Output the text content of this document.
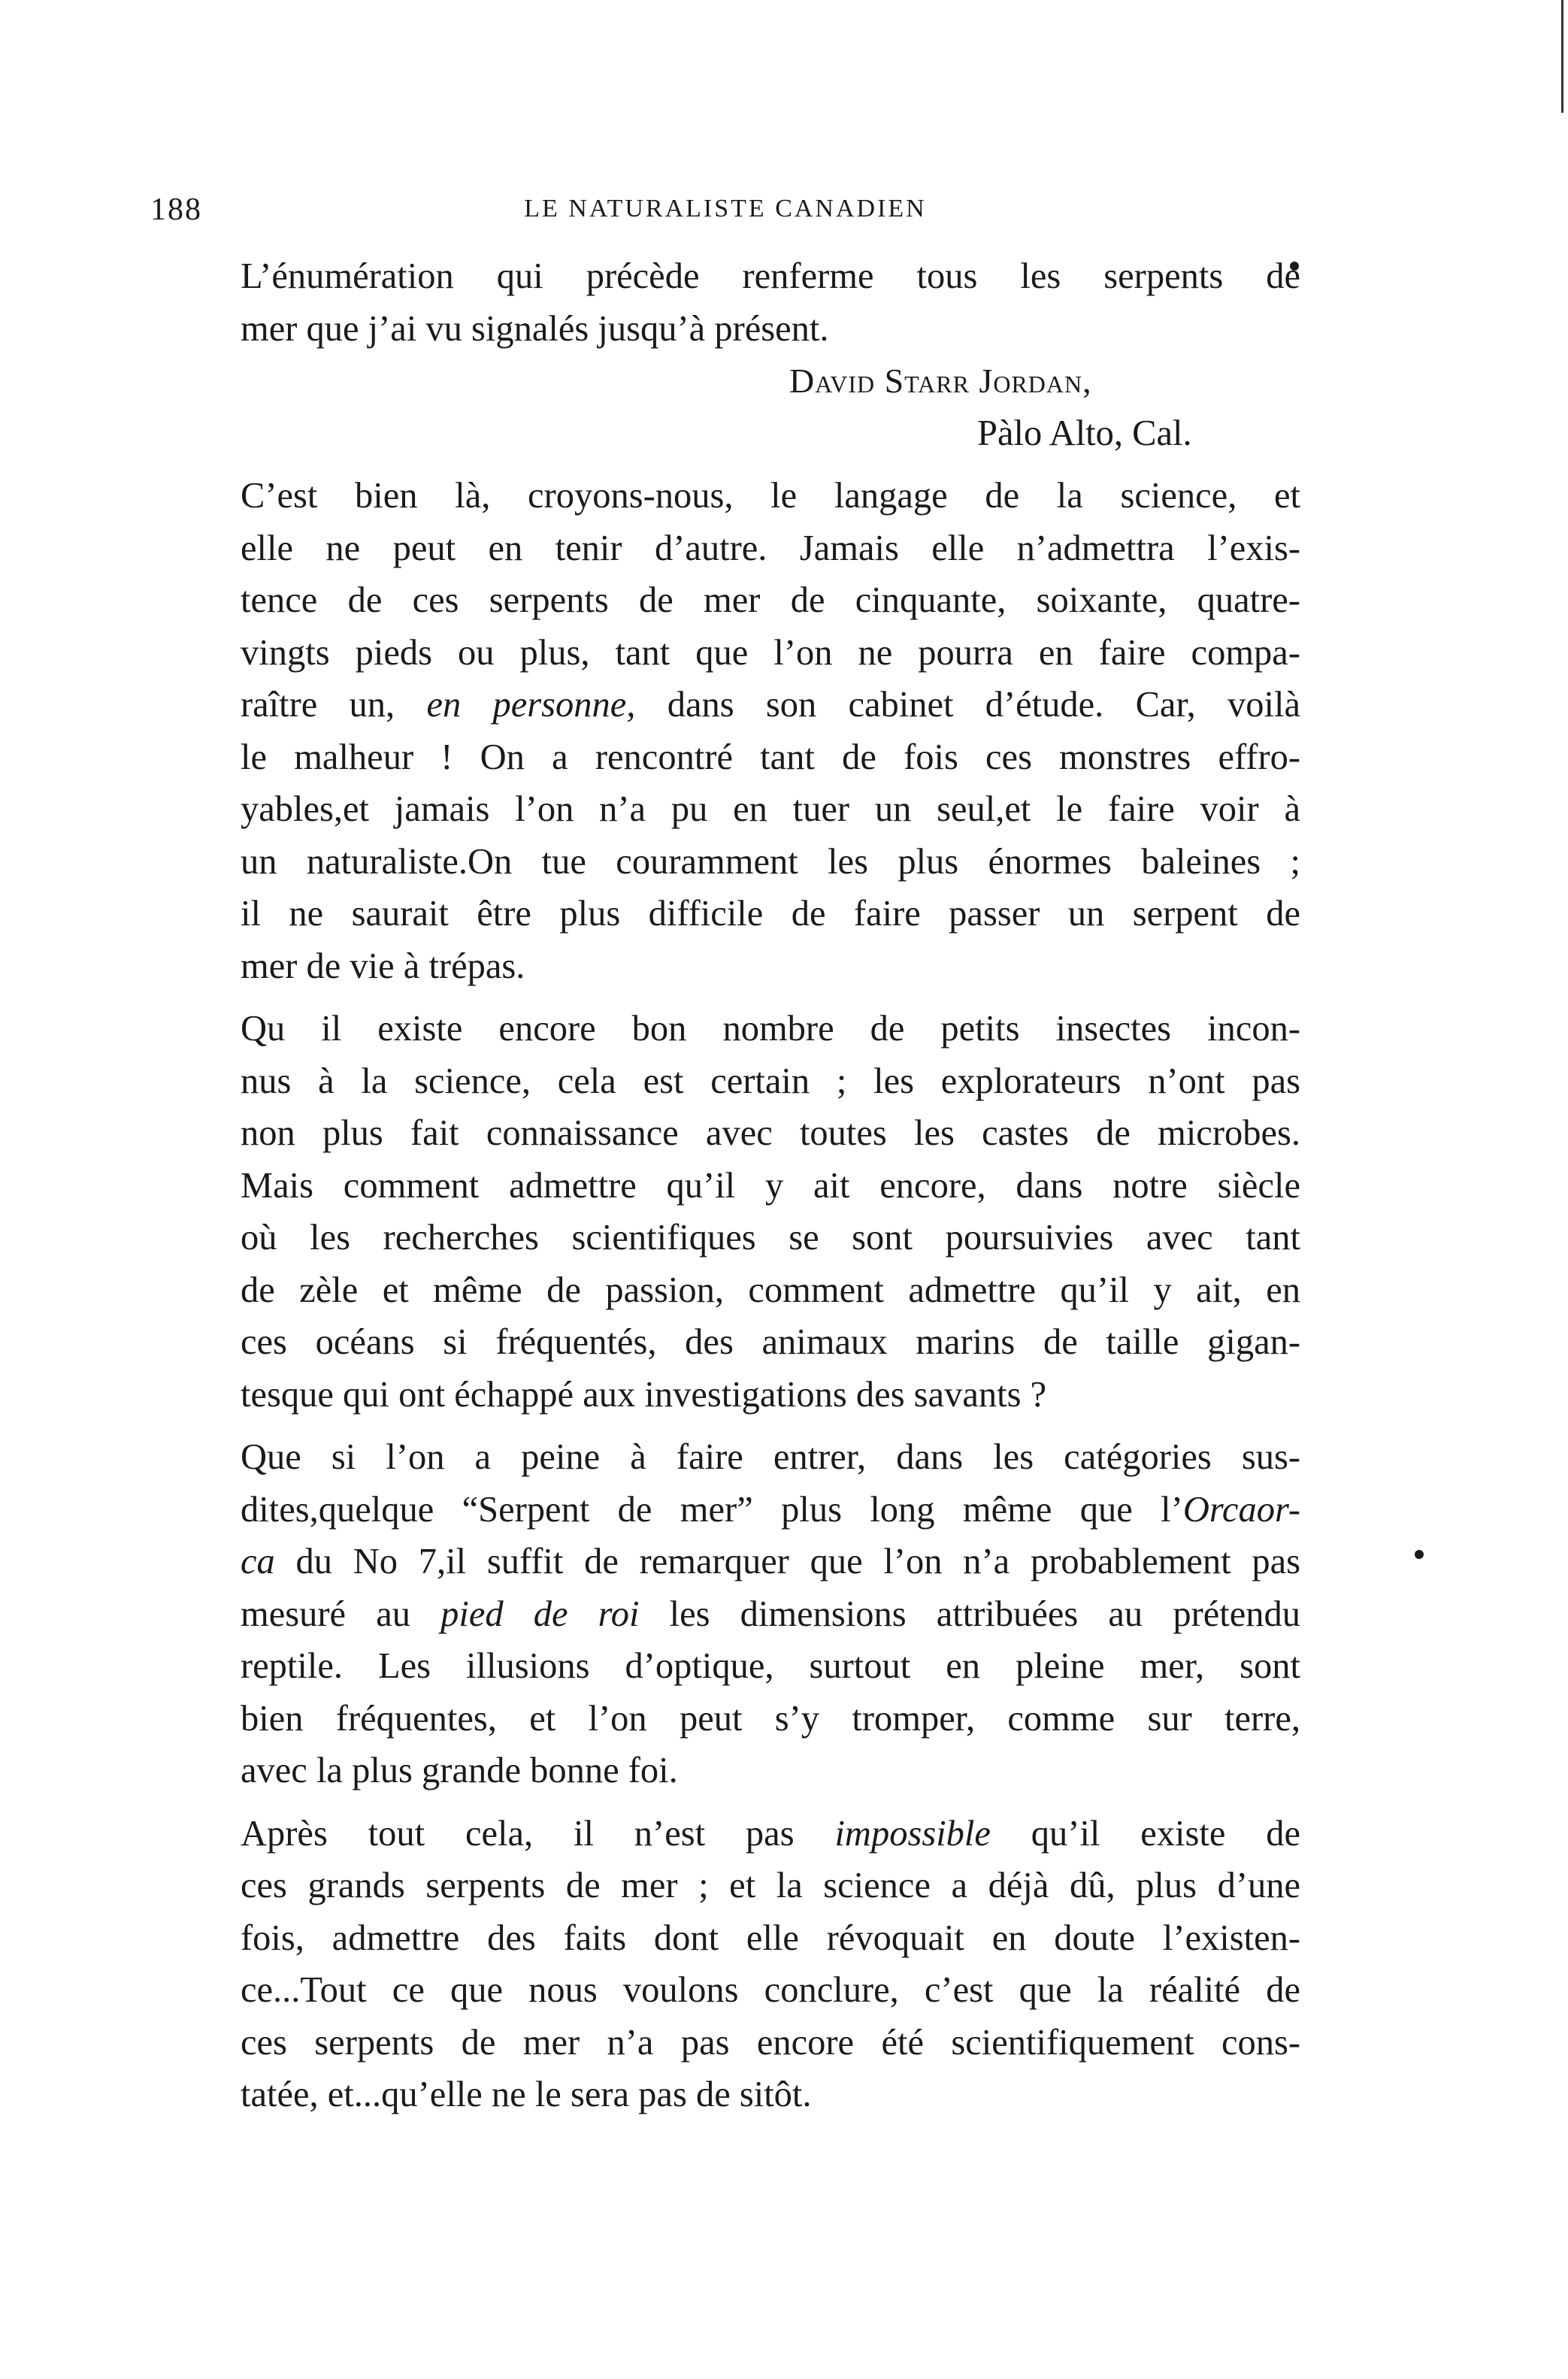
188	LE NATURALISTE CANADIEN

L’énumération qui précède renferme tous les serpents de
mer que j’ai vu signalés jusqu’à présent.

David Starr Jordan,
Pàlo Alto, Cal.

C’est bien là, croyons-nous, le langage de la science, et
elle ne peut en tenir d’autre. Jamais elle n’admettra l’exis-
tence de ces serpents de mer de cinquante, soixante, quatre-
vingts pieds ou plus, tant que l’on ne pourra en faire compa-
raître un, en personne, dans son cabinet d’étude. Car, voilà
le malheur ! On a rencontré tant de fois ces monstres effro-
yables,et jamais l’on n’a pu en tuer un seul,et le faire voir à
un naturaliste.On tue couramment les plus énormes baleines ;
il ne saurait être plus difficile de faire passer un serpent de
mer de vie à trépas.

Qu il existe encore bon nombre de petits insectes incon-
nus à la science, cela est certain ; les explorateurs n’ont pas
non plus fait connaissance avec toutes les castes de microbes.
Mais comment admettre qu’il y ait encore, dans notre siècle
où les recherches scientifiques se sont poursuivies avec tant
de zèle et même de passion, comment admettre qu’il y ait, en
ces océans si fréquentés, des animaux marins de taille gigan-
tesque qui ont échappé aux investigations des savants ?

Que si l’on a peine à faire entrer, dans les catégories sus-
dites,quelque “Serpent de mer” plus long même que l’Orcaor-
ca du No 7,il suffit de remarquer que l’on n’a probablement pas
mesuré au pied de roi les dimensions attribuées au prétendu
reptile. Les illusions d’optique, surtout en pleine mer, sont
bien fréquentes, et l’on peut s’y tromper, comme sur terre,
avec la plus grande bonne foi.

Après tout cela, il n’est pas impossible qu’il existe de
ces grands serpents de mer ; et la science a déjà dû, plus d’une
fois, admettre des faits dont elle révoquait en doute l’existen-
ce...Tout ce que nous voulons conclure, c’est que la réalité de
ces serpents de mer n’a pas encore été scientifiquement cons-
tatée, et...qu’elle ne le sera pas de sitôt.
